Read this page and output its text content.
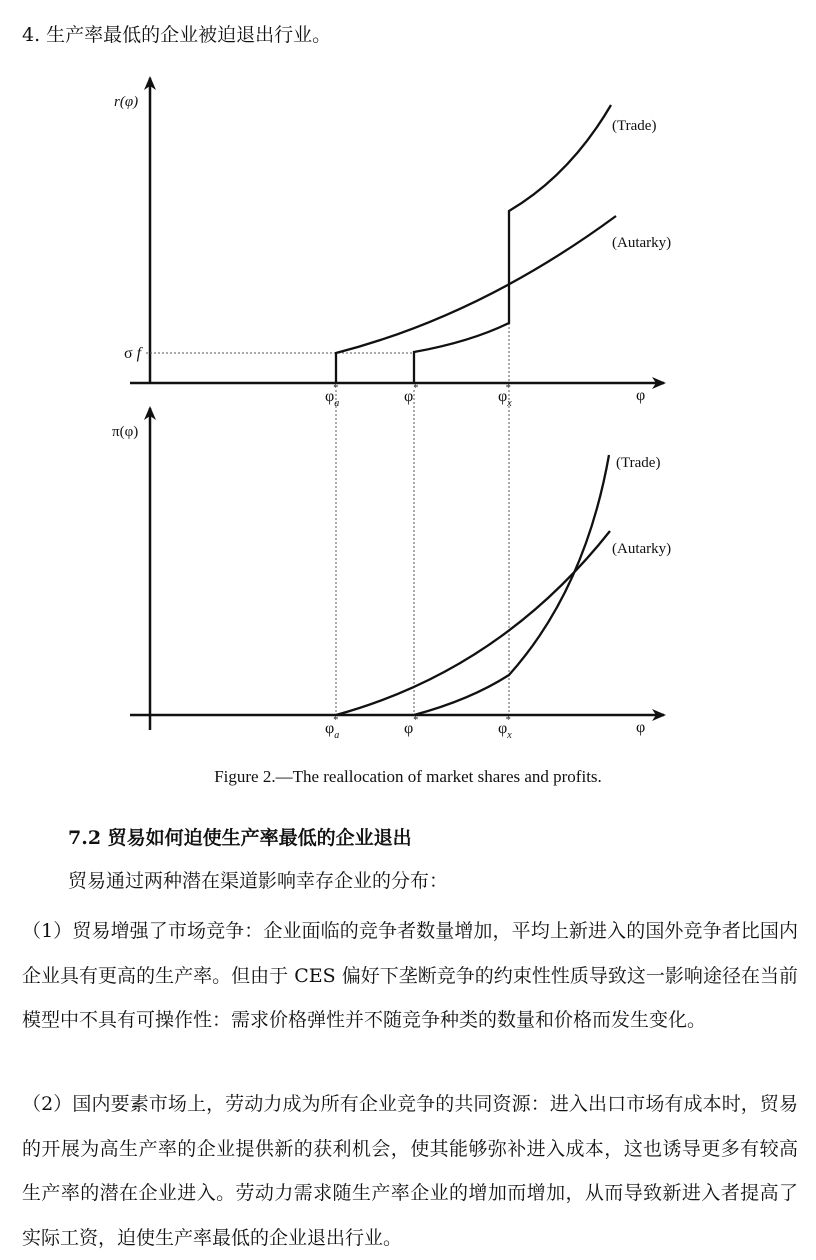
4. 生产率最低的企业被迫退出行业。
r(φ)
φ
σ f
(Trade)
(Autarky)
$\varphi_a*$	φ*	$\varphi_x*$
π(φ)
φ
(Trade)
(Autarky)
$\varphi_a*$	φ*	$\varphi_x*$
Figure 2.—The reallocation of market shares and profits.
7.2 贸易如何迫使生产率最低的企业退出
贸易通过两种潜在渠道影响幸存企业的分布：
（1）贸易增强了市场竞争：企业面临的竞争者数量增加，平均上新进入的国外竞争者比国内企业具有更高的生产率。但由于 CES 偏好下垄断竞争的约束性性质导致这一影响途径在当前模型中不具有可操作性：需求价格弹性并不随竞争种类的数量和价格而发生变化。
（2）国内要素市场上，劳动力成为所有企业竞争的共同资源：进入出口市场有成本时，贸易的开展为高生产率的企业提供新的获利机会，使其能够弥补进入成本，这也诱导更多有较高生产率的潜在企业进入。劳动力需求随生产率企业的增加而增加，从而导致新进入者提高了实际工资，迫使生产率最低的企业退出行业。
